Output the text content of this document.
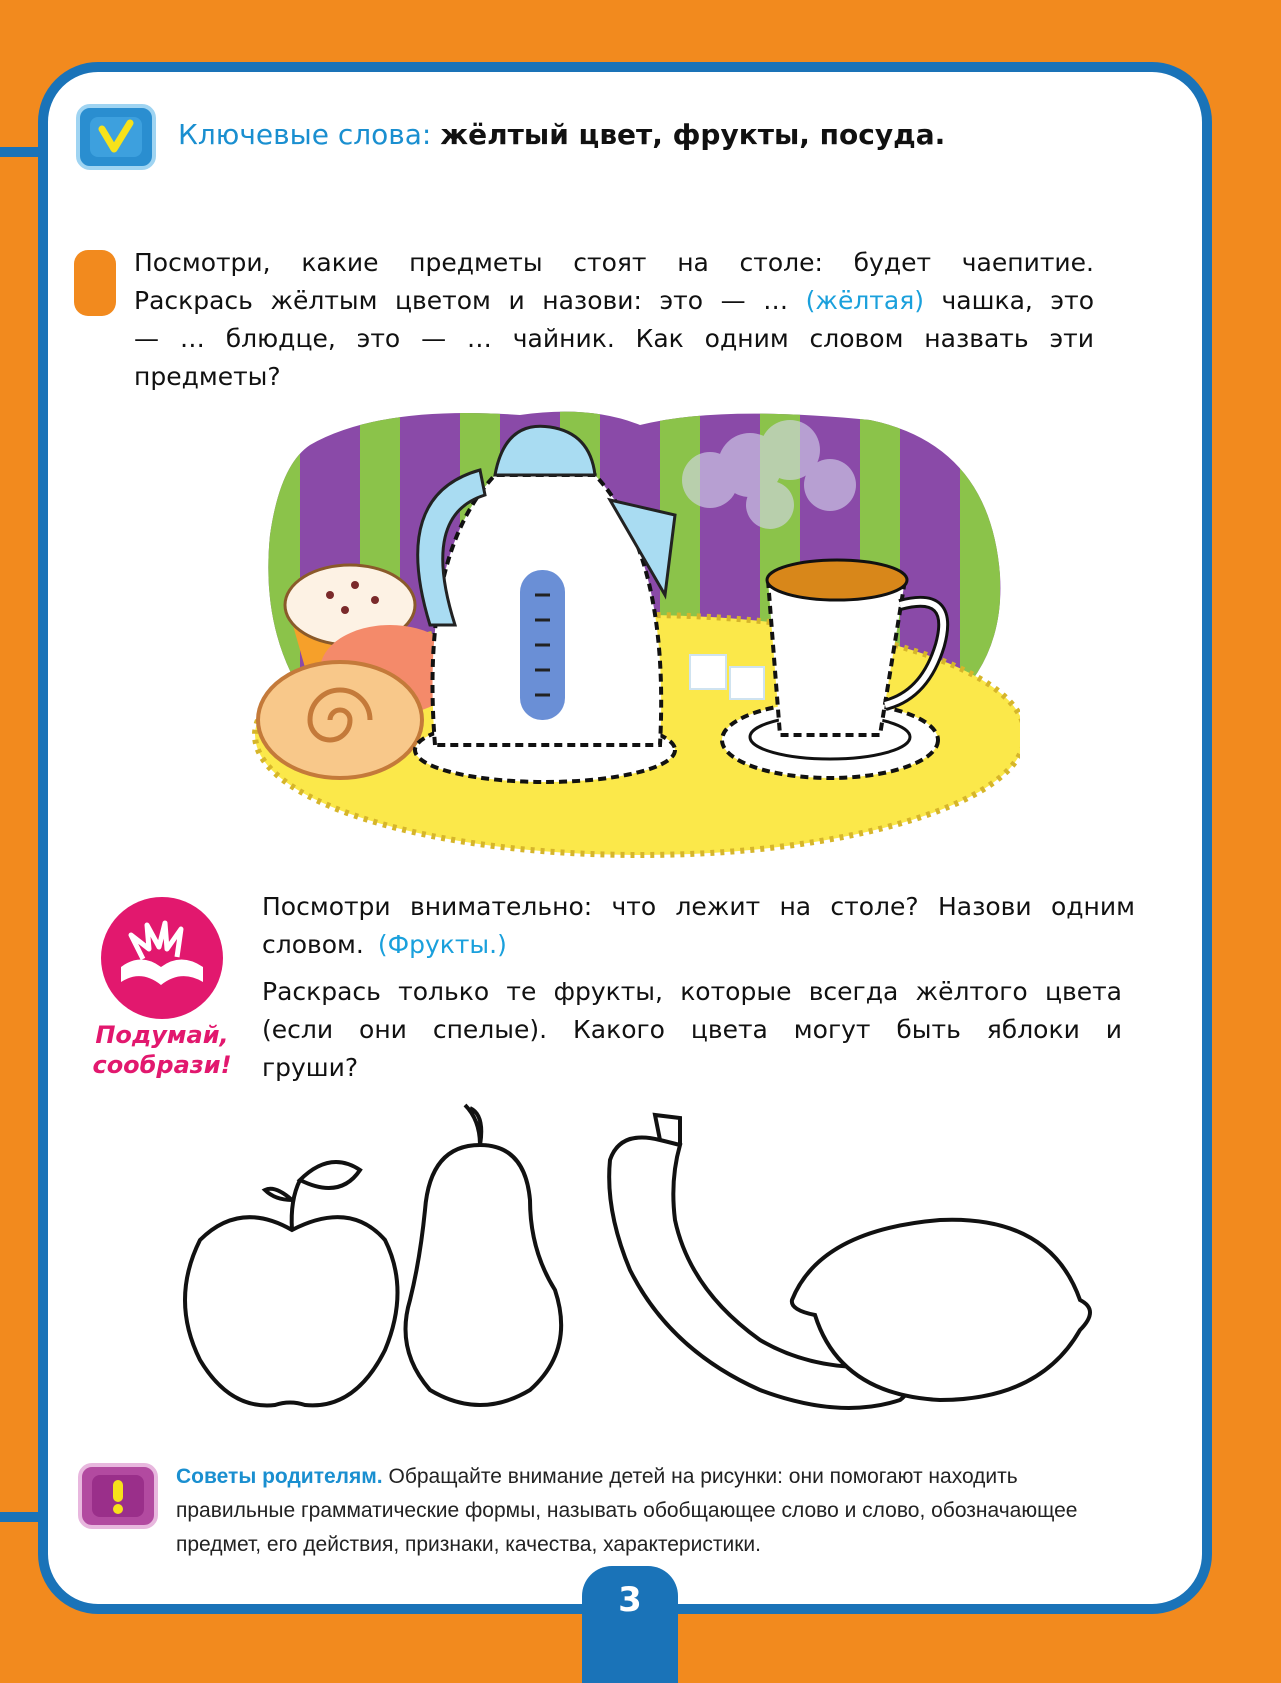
Ключевые слова: жёлтый цвет, фрукты, посуда.
Посмотри, какие предметы стоят на столе: будет чаепитие. Раскрась жёлтым цветом и назови: это — … (жёлтая) чашка, это — … блюдце, это — … чайник. Как одним словом назвать эти предметы?
Подумай,
сообрази!
Посмотри внимательно: что лежит на столе? Назови одним словом. (Фрукты.)
Раскрась только те фрукты, которые всегда жёлтого цвета (если они спелые). Какого цвета могут быть яблоки и груши?
Советы родителям. Обращайте внимание детей на рисунки: они помогают находить правильные грамматические формы, называть обобщающее слово и слово, обозначающее предмет, его действия, признаки, качества, характеристики.
3
